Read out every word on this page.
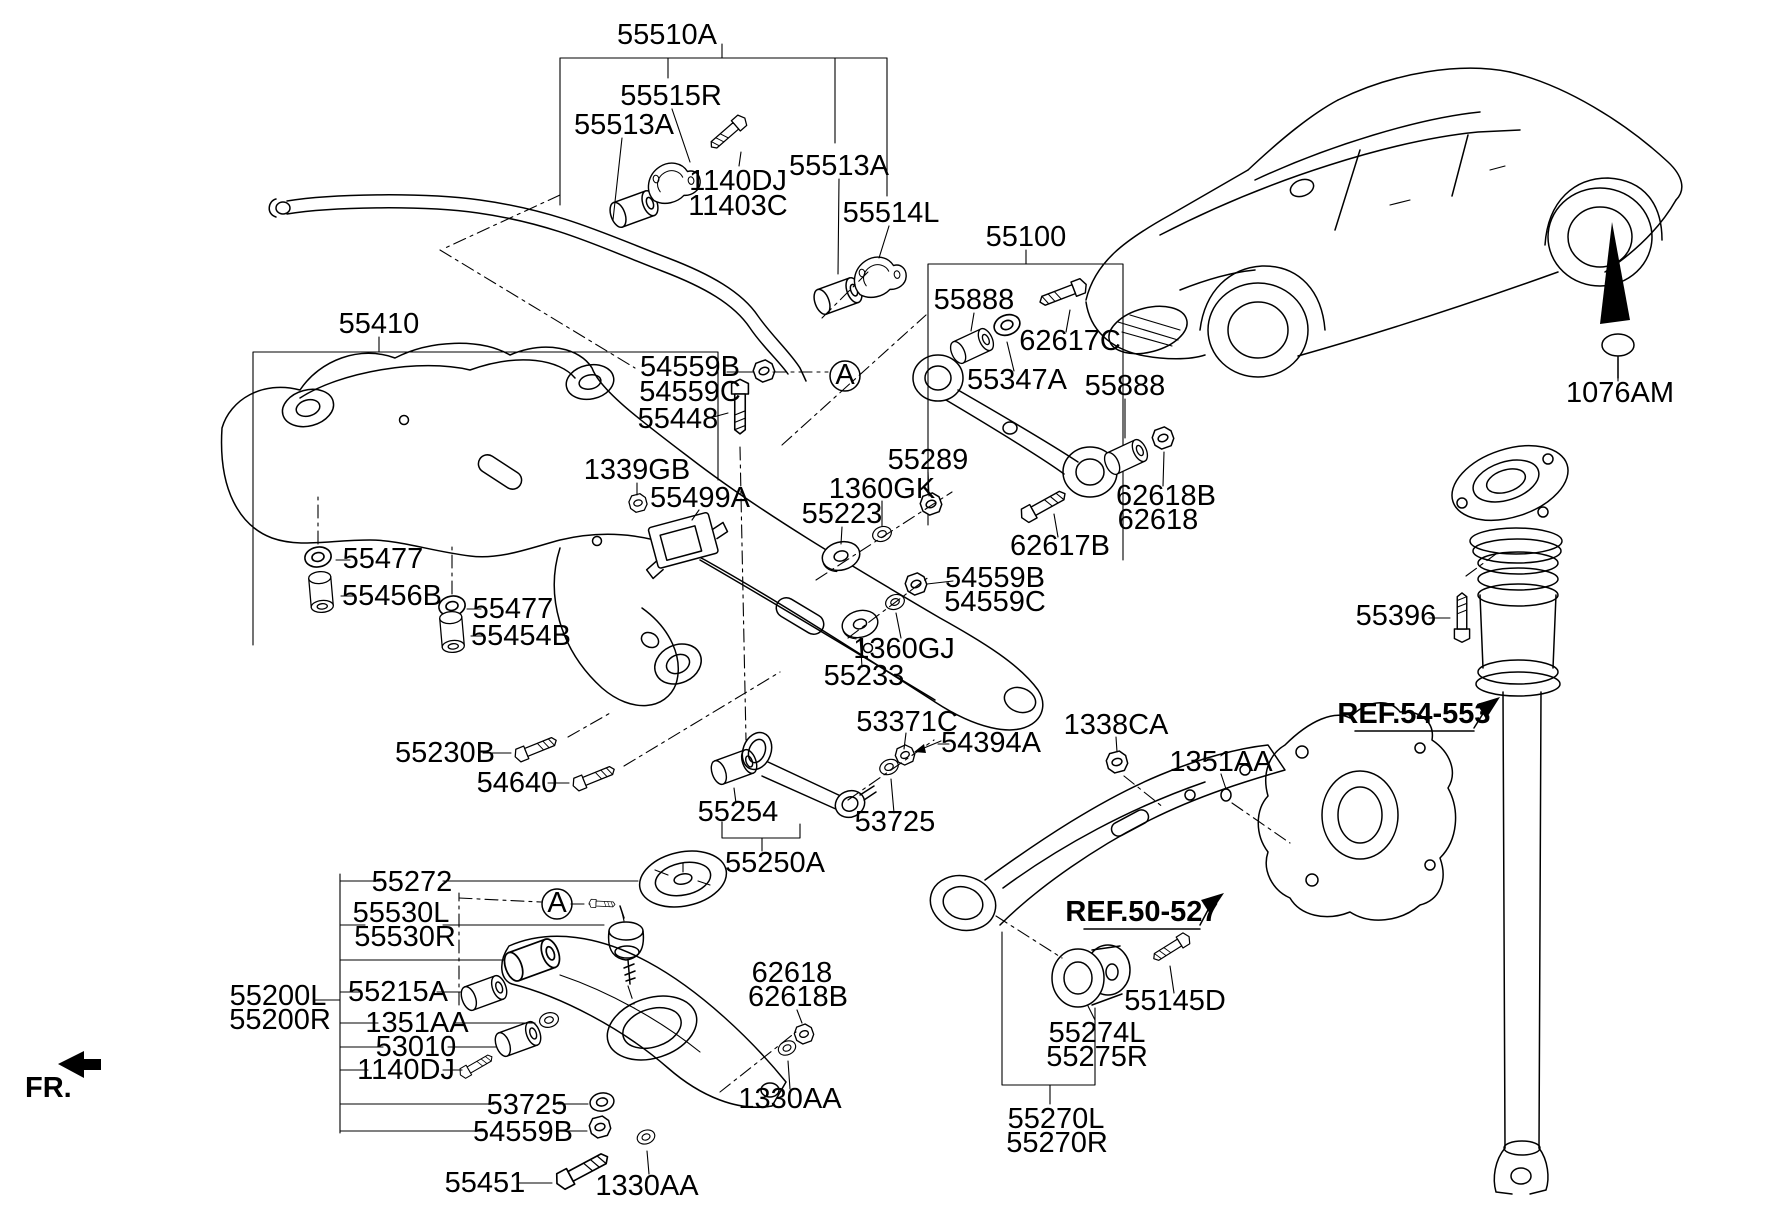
FR.
55510A
55515R
55513A
1140DJ
11403C
55513A
55514L
55100
55888
62617C
55347A 55888
62618B
62618
62617B
55410
54559B
54559C
55448
1339GB
55499A
55289
1360GK
55223
54559B
54559C
1360GJ
55233
55477
55456B 55477
55454B
55230B
54640
53371C
54394A
55254	53725
55250A
1338CA
1351AA
REF.50-527
55274L
55275R
55145D
55270L
55270R
55396
REF.54-553
1076AM
55272
55530L
55530R
55200L
55200R
55215A
1351AA
53010
1140DJ
53725
54559B
55451 1330AA
1330AA
62618
62618B
A
A
